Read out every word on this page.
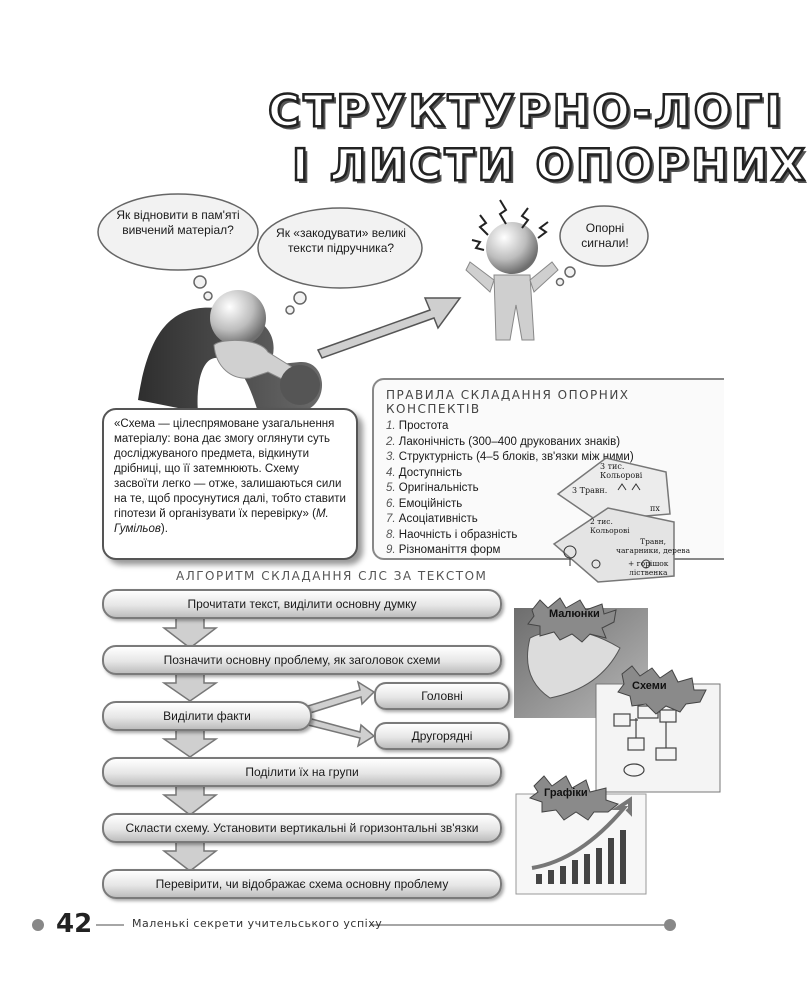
СТРУКТУРНО-ЛОГІ
І ЛИСТИ ОПОРНИХ
Як відновити в пам'яті вивчений матеріал?	Як «закодувати» великі тексти підручника?
Опорні сигнали!
«Схема — цілеспрямоване узагальнення матеріалу: вона дає змогу оглянути суть досліджуваного предмета, відкинути дрібниці, що її затемнюють. Схему засвоїти легко — отже, залишаються сили на те, щоб просунутися далі, тобто ставити гіпотези й організувати їх перевірку» (М. Гумільов).
ПРАВИЛА СКЛАДАННЯ ОПОРНИХ КОНСПЕКТІВ
1. Простота
2. Лаконічність (300–400 друкованих знаків)
3. Структурність (4–5 блоків, зв'язки між ними)
4. Доступність
5. Оригінальність
6. Емоційність
7. Асоціативність
8. Наочність і образність
9. Різноманіття форм
3 тис.
Кольорові
3 Травн.
пх
2 тис.
Кольорові
Травн,
чагарники, дерева
+ горішок
ліственка
АЛГОРИТМ СКЛАДАННЯ СЛС ЗА ТЕКСТОМ
Прочитати текст, виділити основну думку
Позначити основну проблему, як заголовок схеми
Виділити факти
Головні
Другорядні
Поділити їх на групи
Скласти схему. Установити вертикальні й горизонтальні зв'язки
Перевірити, чи відображає схема основну проблему
Малюнки
Схеми
Графіки
42	Маленькі секрети учительського успіху
